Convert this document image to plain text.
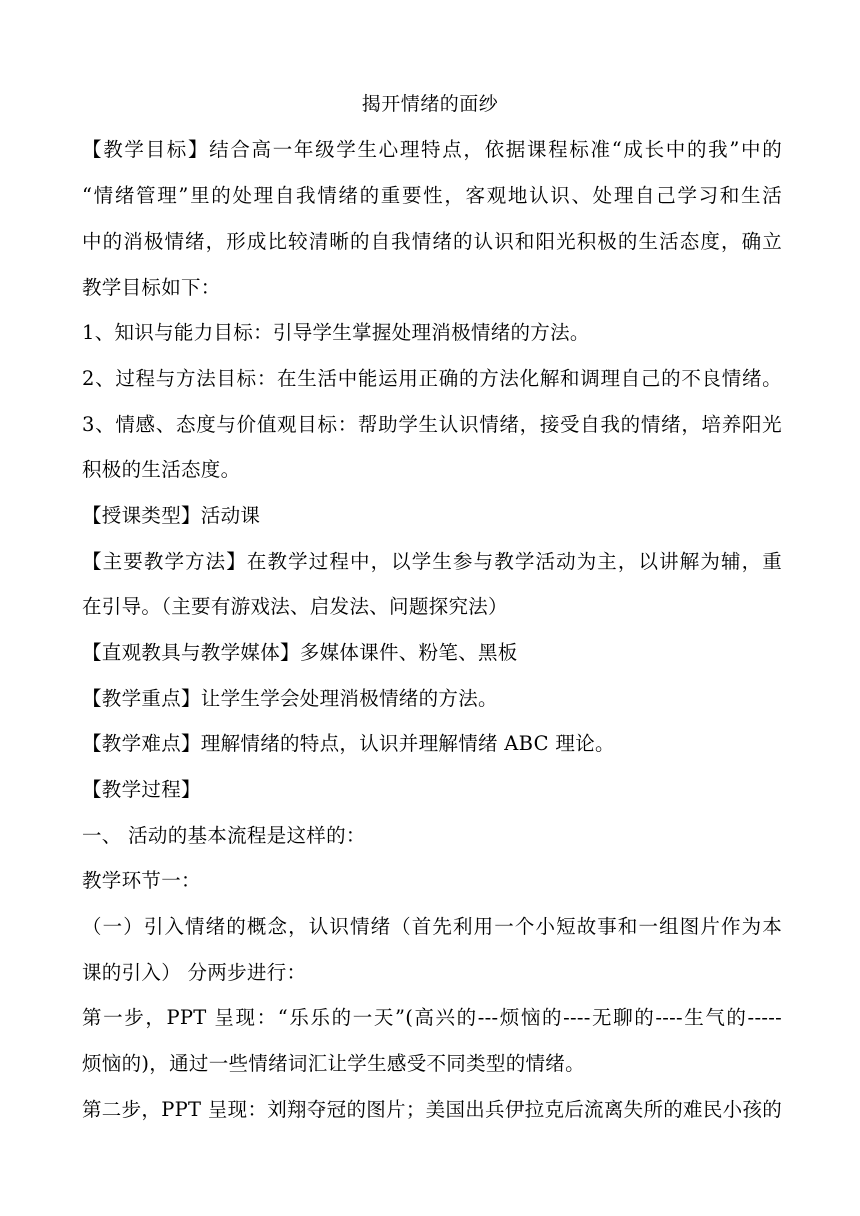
揭开情绪的面纱
【教学目标】结合高一年级学生心理特点，依据课程标准“成长中的我”中的
“情绪管理”里的处理自我情绪的重要性，客观地认识、处理自己学习和生活
中的消极情绪，形成比较清晰的自我情绪的认识和阳光积极的生活态度，确立
教学目标如下：
1、知识与能力目标：引导学生掌握处理消极情绪的方法。
2、过程与方法目标：在生活中能运用正确的方法化解和调理自己的不良情绪。
3、情感、态度与价值观目标：帮助学生认识情绪，接受自我的情绪，培养阳光
积极的生活态度。
【授课类型】活动课
【主要教学方法】在教学过程中，以学生参与教学活动为主，以讲解为辅，重
在引导。（主要有游戏法、启发法、问题探究法）
【直观教具与教学媒体】多媒体课件、粉笔、黑板
【教学重点】让学生学会处理消极情绪的方法。
【教学难点】理解情绪的特点，认识并理解情绪 ABC 理论。
【教学过程】
一、 活动的基本流程是这样的：
教学环节一：
（一）引入情绪的概念，认识情绪（首先利用一个小短故事和一组图片作为本
课的引入） 分两步进行：
第一步，PPT 呈现：“乐乐的一天”(高兴的---烦恼的----无聊的----生气的-----
烦恼的)，通过一些情绪词汇让学生感受不同类型的情绪。
第二步，PPT 呈现：刘翔夺冠的图片；美国出兵伊拉克后流离失所的难民小孩的
